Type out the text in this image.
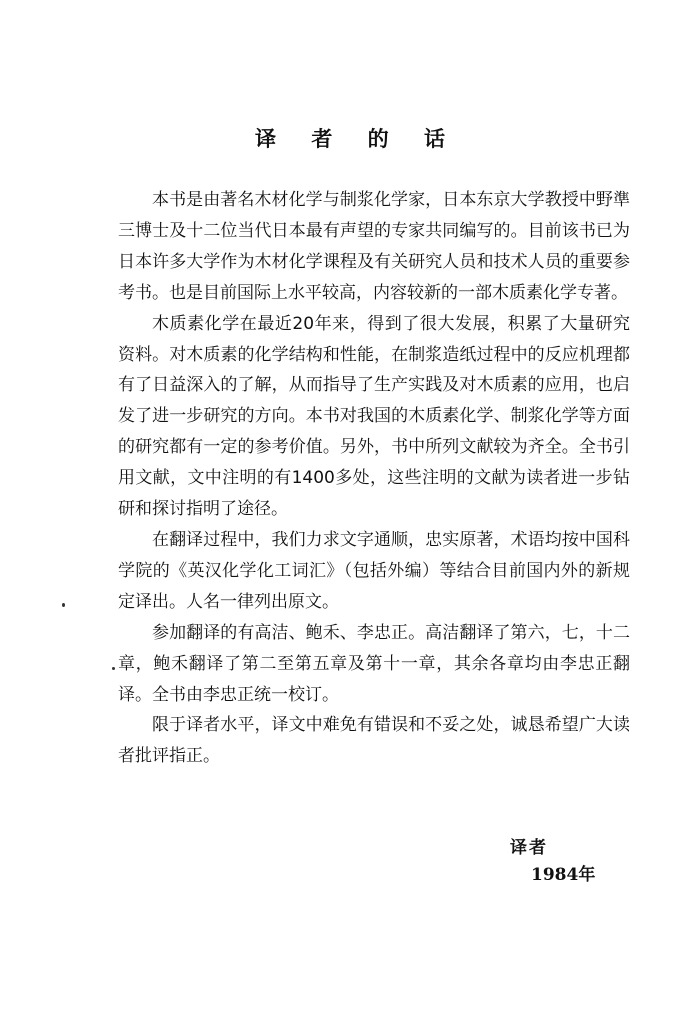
译 者 的 话

本书是由著名木材化学与制浆化学家，日本东京大学教授中野準三博士及十二位当代日本最有声望的专家共同编写的。目前该书已为日本许多大学作为木材化学课程及有关研究人员和技术人员的重要参考书。也是目前国际上水平较高，内容较新的一部木质素化学专著。

木质素化学在最近20年来，得到了很大发展，积累了大量研究资料。对木质素的化学结构和性能，在制浆造纸过程中的反应机理都有了日益深入的了解，从而指导了生产实践及对木质素的应用，也启发了进一步研究的方向。本书对我国的木质素化学、制浆化学等方面的研究都有一定的参考价值。另外，书中所列文献较为齐全。全书引用文献，文中注明的有1400多处，这些注明的文献为读者进一步钻研和探讨指明了途径。

在翻译过程中，我们力求文字通顺，忠实原著，术语均按中国科学院的《英汉化学化工词汇》（包括外编）等结合目前国内外的新规定译出。人名一律列出原文。

参加翻译的有高洁、鲍禾、李忠正。高洁翻译了第六，七，十二章，鲍禾翻译了第二至第五章及第十一章，其余各章均由李忠正翻译。全书由李忠正统一校订。

限于译者水平，译文中难免有错误和不妥之处，诚恳希望广大读者批评指正。

译者
1984年
